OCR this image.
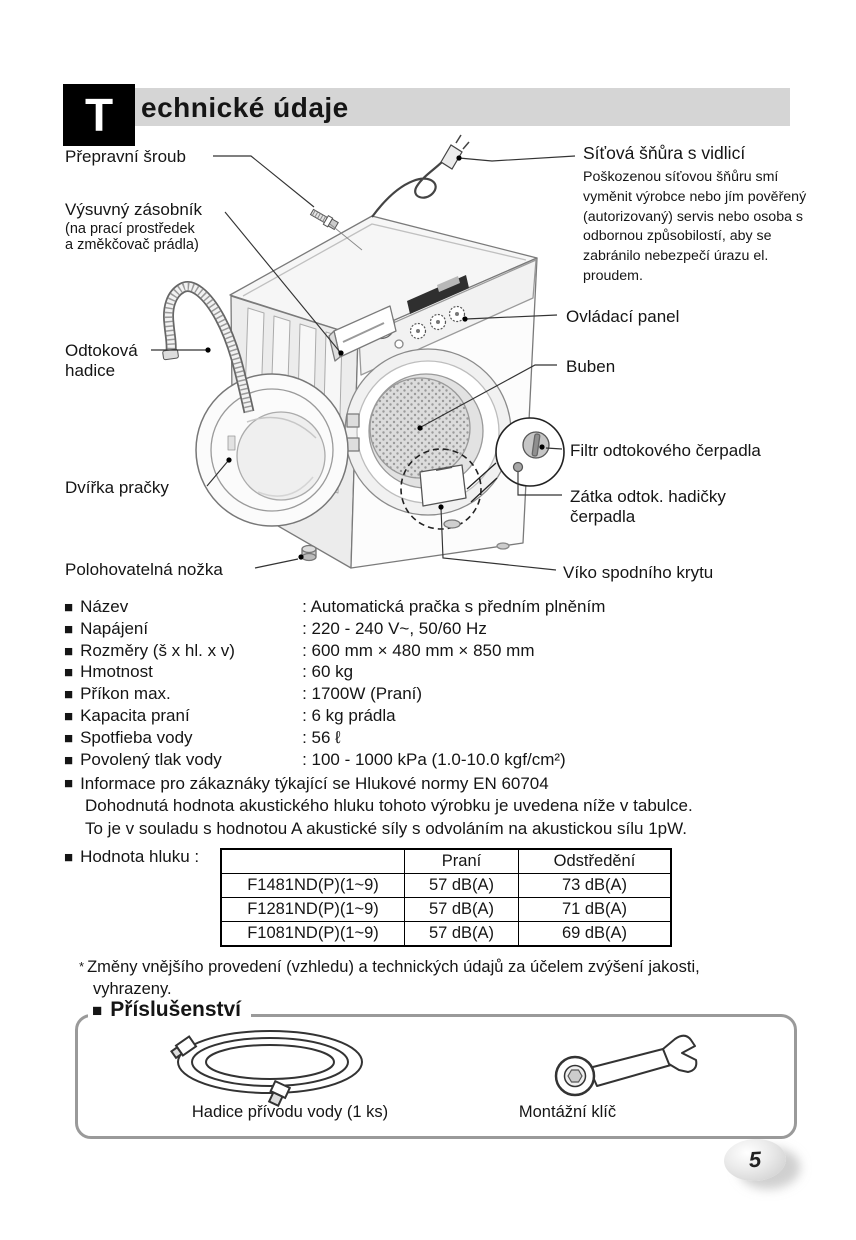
T echnické údaje
Přepravní šroub
Výsuvný zásobník
(na prací prostředek
a změkčovač prádla)
Odtoková
hadice
Dvířka pračky
Polohovatelná nožka
Síťová šňůra s vidlicí
Poškozenou síťovou šňůru smí vyměnit výrobce nebo jím pověřený (autorizovaný) servis nebo osoba s odbornou způsobilostí, aby se zabránilo nebezpečí úrazu el. proudem.
Ovládací panel
Buben
Filtr odtokového čerpadla
Zátka odtok. hadičky
čerpadla
Víko spodního krytu
■ Název	: Automatická pračka s předním plněním
■ Napájení	: 220 - 240 V~, 50/60 Hz
■ Rozměry (š x hl. x v)	: 600 mm × 480 mm × 850 mm
■ Hmotnost	: 60 kg
■ Příkon max.	: 1700W (Praní)
■ Kapacita praní	: 6 kg prádla
■ Spotfieba vody	: 56 ℓ
■ Povolený tlak vody	: 100 - 1000 kPa (1.0-10.0 kgf/cm²)
■ Informace pro zákaznáky týkající se Hlukové normy EN 60704
Dohodnutá hodnota akustického hluku tohoto výrobku je uvedena níže v tabulce.
To je v souladu s hodnotou A akustické síly s odvoláním na akustickou sílu 1pW.
■ Hodnota hluku :
		Praní	Odstředění
F1481ND(P)(1~9)	57 dB(A)	73 dB(A)
F1281ND(P)(1~9)	57 dB(A)	71 dB(A)
F1081ND(P)(1~9)	57 dB(A)	69 dB(A)
* Změny vnějšího provedení (vzhledu) a technických údajů za účelem zvýšení jakosti,
vyhrazeny.
■ Příslušenství
Hadice přívodu vody (1 ks)	Montážní klíč
5
